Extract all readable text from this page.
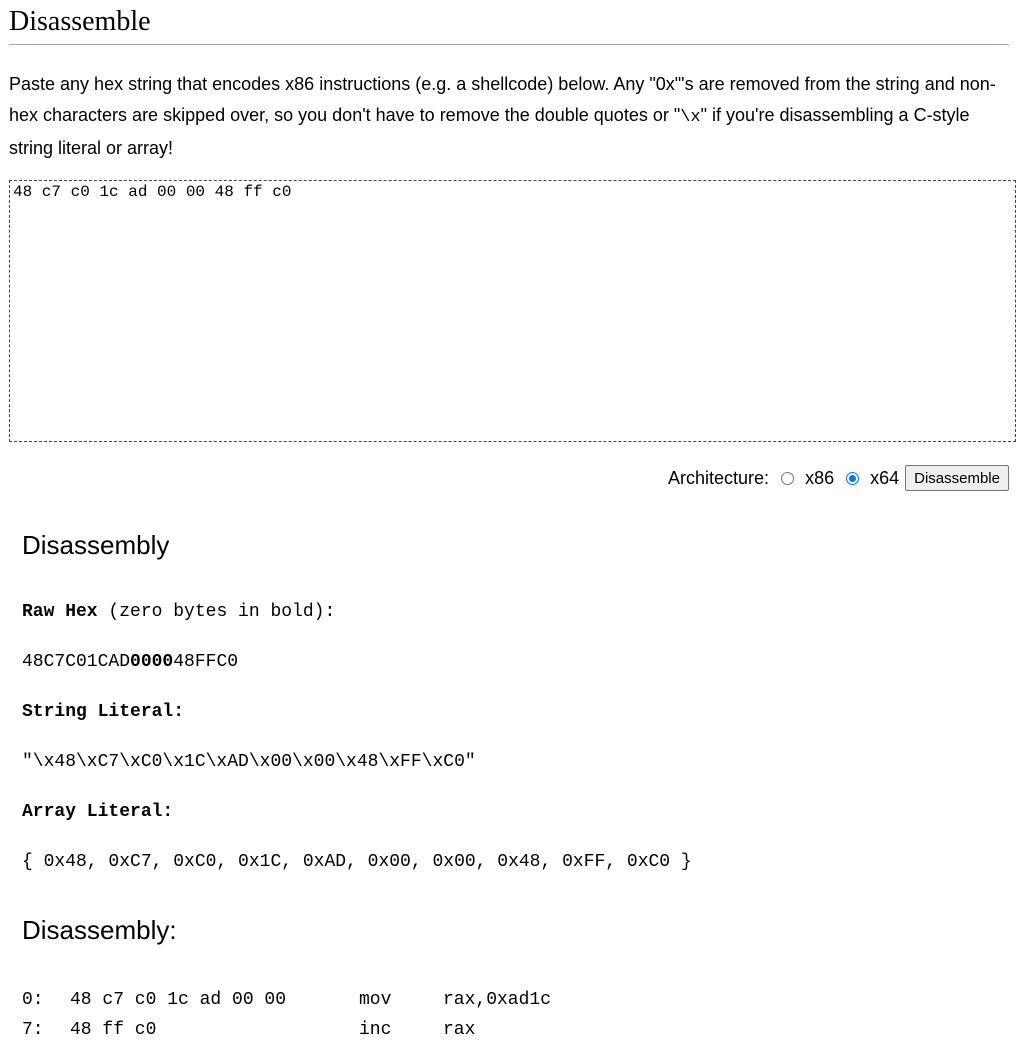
Disassemble

Paste any hex string that encodes x86 instructions (e.g. a shellcode) below. Any "0x"'s are removed from the string and non-hex characters are skipped over, so you don't have to remove the double quotes or "\x" if you're disassembling a C-style string literal or array!

48 c7 c0 1c ad 00 00 48 ff c0
Architecture: x86 x64	Disassemble
Disassembly

Raw Hex (zero bytes in bold):

48C7C01CAD000048FFC0

String Literal:

"\x48\xC7\xC0\x1C\xAD\x00\x00\x48\xFF\xC0"

Array Literal:

{ 0x48, 0xC7, 0xC0, 0x1C, 0xAD, 0x00, 0x00, 0x48, 0xFF, 0xC0 }

Disassembly:
0:	48 c7 c0 1c ad 00 00	mov	rax,0xad1c
7:	48 ff c0	inc	rax
